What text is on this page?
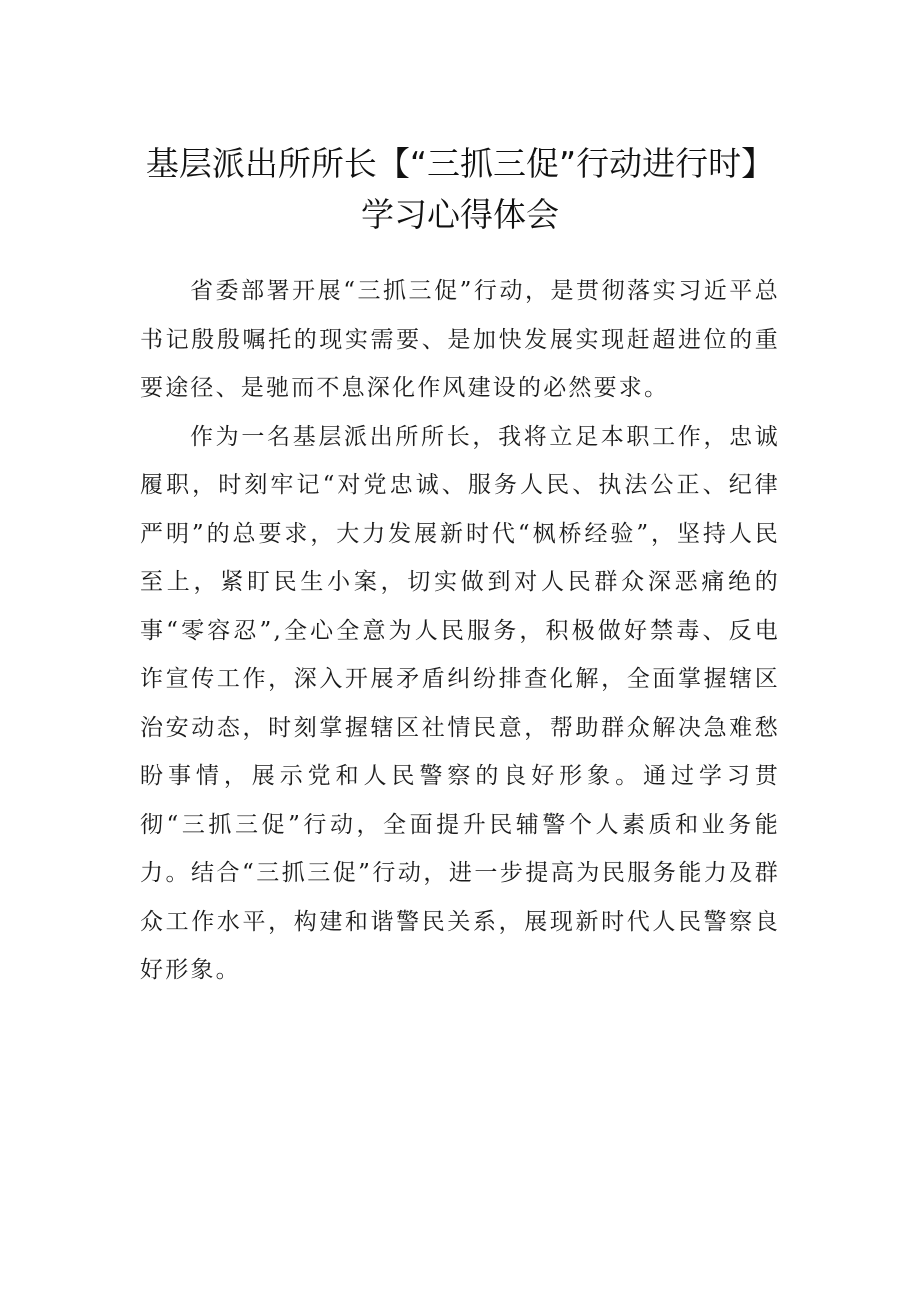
基层派出所所长【“三抓三促”行动进行时】
学习心得体会

省委部署开展“三抓三促”行动，是贯彻落实习近平总书记殷殷嘱托的现实需要、是加快发展实现赶超进位的重要途径、是驰而不息深化作风建设的必然要求。

作为一名基层派出所所长，我将立足本职工作，忠诚履职，时刻牢记“对党忠诚、服务人民、执法公正、纪律严明”的总要求，大力发展新时代“枫桥经验”，坚持人民至上，紧盯民生小案，切实做到对人民群众深恶痛绝的事“零容忍”,全心全意为人民服务，积极做好禁毒、反电诈宣传工作，深入开展矛盾纠纷排查化解，全面掌握辖区治安动态，时刻掌握辖区社情民意，帮助群众解决急难愁盼事情，展示党和人民警察的良好形象。通过学习贯彻“三抓三促”行动，全面提升民辅警个人素质和业务能力。结合“三抓三促”行动，进一步提高为民服务能力及群众工作水平，构建和谐警民关系，展现新时代人民警察良好形象。
